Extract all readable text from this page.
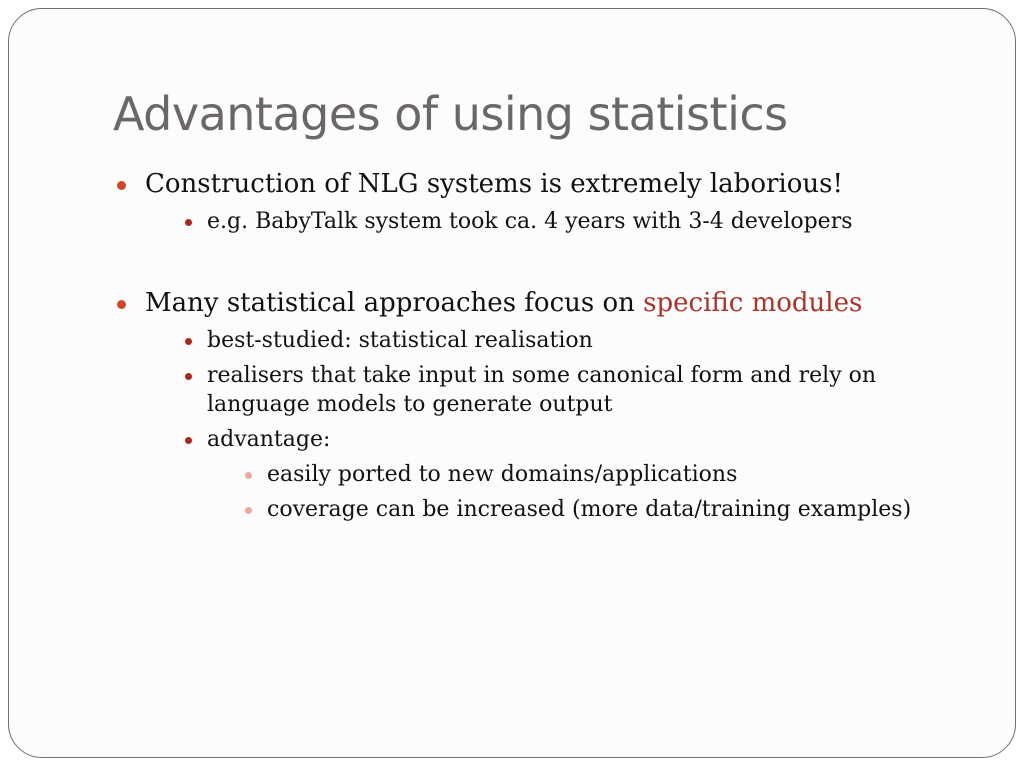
Advantages of using statistics
Construction of NLG systems is extremely laborious!
e.g. BabyTalk system took ca. 4 years with 3-4 developers
Many statistical approaches focus on specific modules
best-studied: statistical realisation
realisers that take input in some canonical form and rely on language models to generate output
advantage:
easily ported to new domains/applications
coverage can be increased (more data/training examples)
